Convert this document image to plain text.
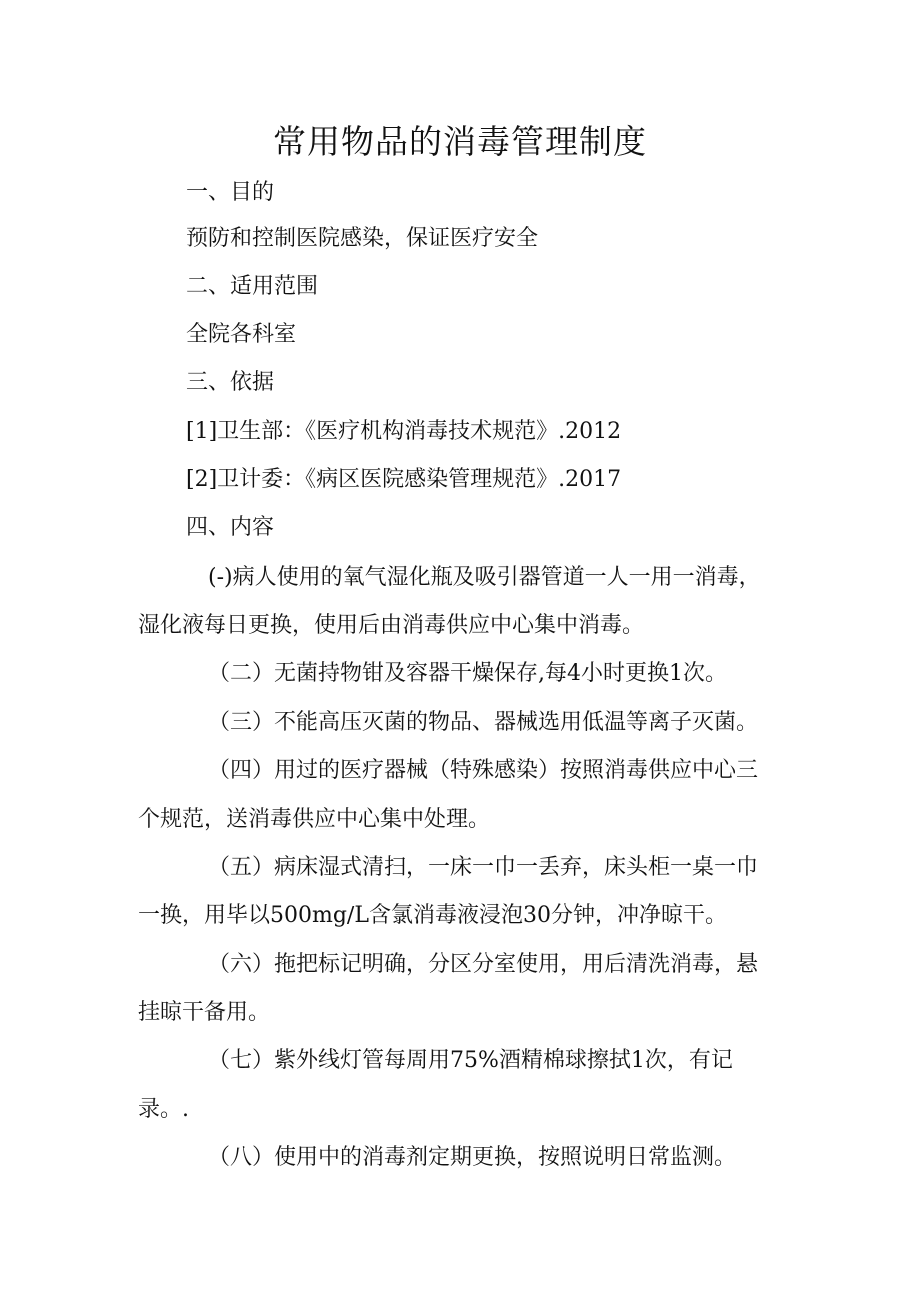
常用物品的消毒管理制度
一、目的
预防和控制医院感染，保证医疗安全
二、适用范围
全院各科室
三、依据
[1]卫生部：《医疗机构消毒技术规范》.2012
[2]卫计委：《病区医院感染管理规范》.2017
四、内容
(-)病人使用的氧气湿化瓶及吸引器管道一人一用一消毒，
湿化液每日更换，使用后由消毒供应中心集中消毒。
（二）无菌持物钳及容器干燥保存,每4小时更换1次。
（三）不能高压灭菌的物品、器械选用低温等离子灭菌。
（四）用过的医疗器械（特殊感染）按照消毒供应中心三
个规范，送消毒供应中心集中处理。
（五）病床湿式清扫，一床一巾一丢弃，床头柜一桌一巾
一换，用毕以500mg∕L含氯消毒液浸泡30分钟，冲净晾干。
（六）拖把标记明确，分区分室使用，用后清洗消毒，悬
挂晾干备用。
（七）紫外线灯管每周用75%酒精棉球擦拭1次，有记
录。.
（八）使用中的消毒剂定期更换，按照说明日常监测。
